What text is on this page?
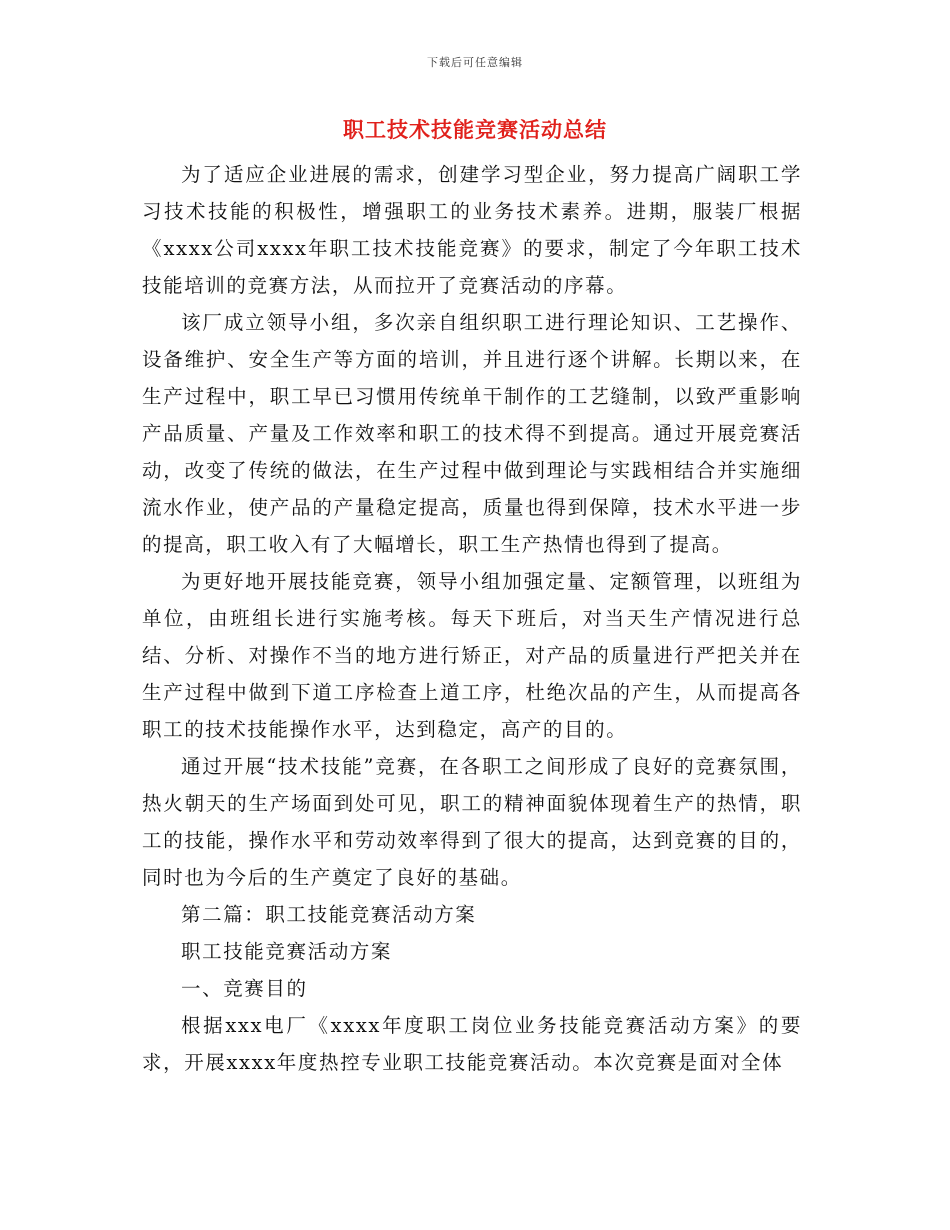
下载后可任意编辑
职工技术技能竞赛活动总结

为了适应企业进展的需求，创建学习型企业，努力提高广阔职工学习技术技能的积极性，增强职工的业务技术素养。进期，服装厂根据《xxxx公司xxxx年职工技术技能竞赛》的要求，制定了今年职工技术技能培训的竞赛方法，从而拉开了竞赛活动的序幕。

该厂成立领导小组，多次亲自组织职工进行理论知识、工艺操作、设备维护、安全生产等方面的培训，并且进行逐个讲解。长期以来，在生产过程中，职工早已习惯用传统单干制作的工艺缝制，以致严重影响产品质量、产量及工作效率和职工的技术得不到提高。通过开展竞赛活动，改变了传统的做法，在生产过程中做到理论与实践相结合并实施细流水作业，使产品的产量稳定提高，质量也得到保障，技术水平进一步的提高，职工收入有了大幅增长，职工生产热情也得到了提高。

为更好地开展技能竞赛，领导小组加强定量、定额管理，以班组为单位，由班组长进行实施考核。每天下班后，对当天生产情况进行总结、分析、对操作不当的地方进行矫正，对产品的质量进行严把关并在生产过程中做到下道工序检查上道工序，杜绝次品的产生，从而提高各职工的技术技能操作水平，达到稳定，高产的目的。

通过开展“技术技能”竞赛，在各职工之间形成了良好的竞赛氛围，热火朝天的生产场面到处可见，职工的精神面貌体现着生产的热情，职工的技能，操作水平和劳动效率得到了很大的提高，达到竞赛的目的，同时也为今后的生产奠定了良好的基础。

第二篇：职工技能竞赛活动方案

职工技能竞赛活动方案

一、竞赛目的

根据xxx电厂《xxxx年度职工岗位业务技能竞赛活动方案》的要求，开展xxxx年度热控专业职工技能竞赛活动。本次竞赛是面对全体
